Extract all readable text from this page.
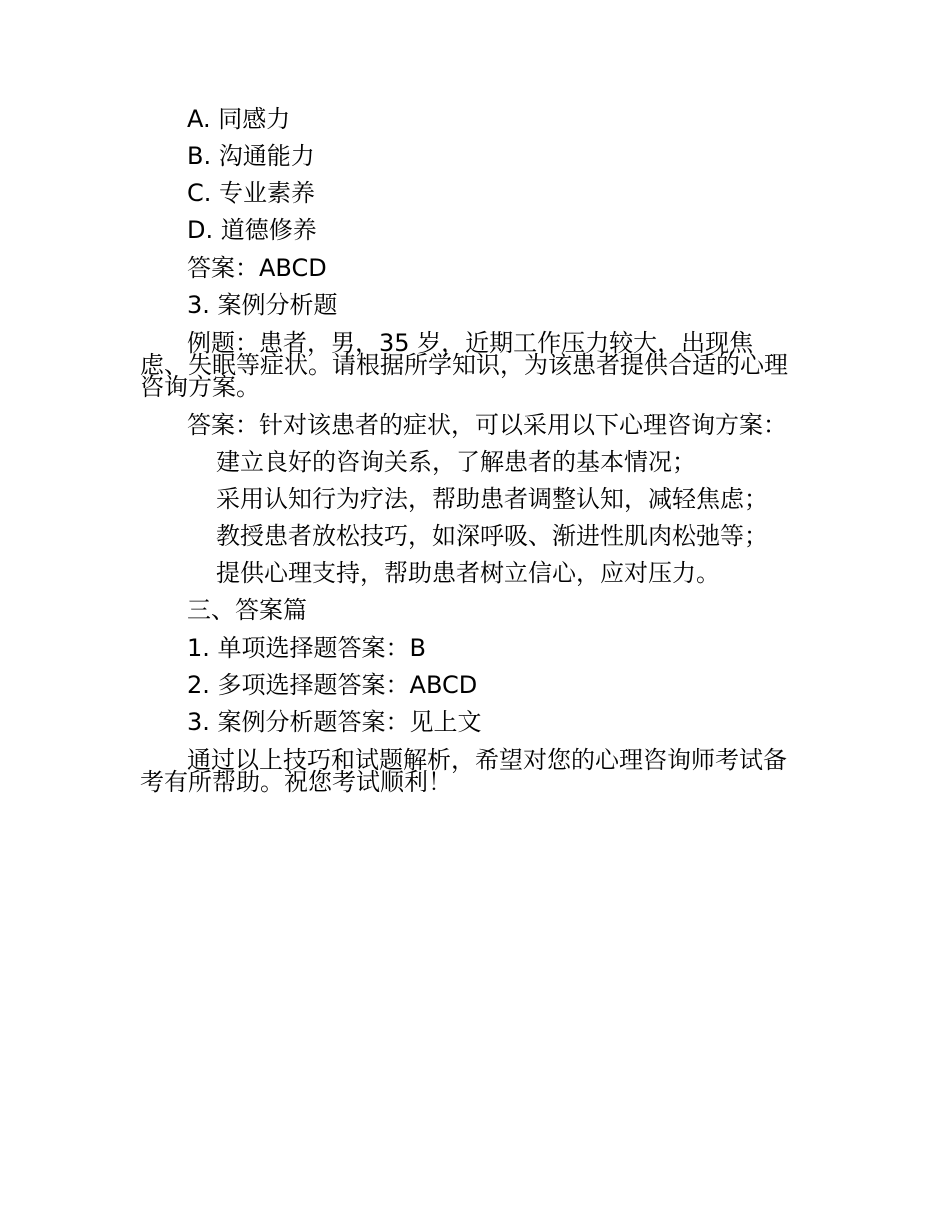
A. 同感力
B. 沟通能力
C. 专业素养
D. 道德修养
答案：ABCD
3. 案例分析题
例题：患者，男，35 岁，近期工作压力较大，出现焦
虑、失眠等症状。请根据所学知识，为该患者提供合适的心理
咨询方案。
答案：针对该患者的症状，可以采用以下心理咨询方案：
建立良好的咨询关系，了解患者的基本情况；
采用认知行为疗法，帮助患者调整认知，减轻焦虑；
教授患者放松技巧，如深呼吸、渐进性肌肉松弛等；
提供心理支持，帮助患者树立信心，应对压力。
三、答案篇
1. 单项选择题答案：B
2. 多项选择题答案：ABCD
3. 案例分析题答案：见上文
通过以上技巧和试题解析，希望对您的心理咨询师考试备
考有所帮助。祝您考试顺利！
